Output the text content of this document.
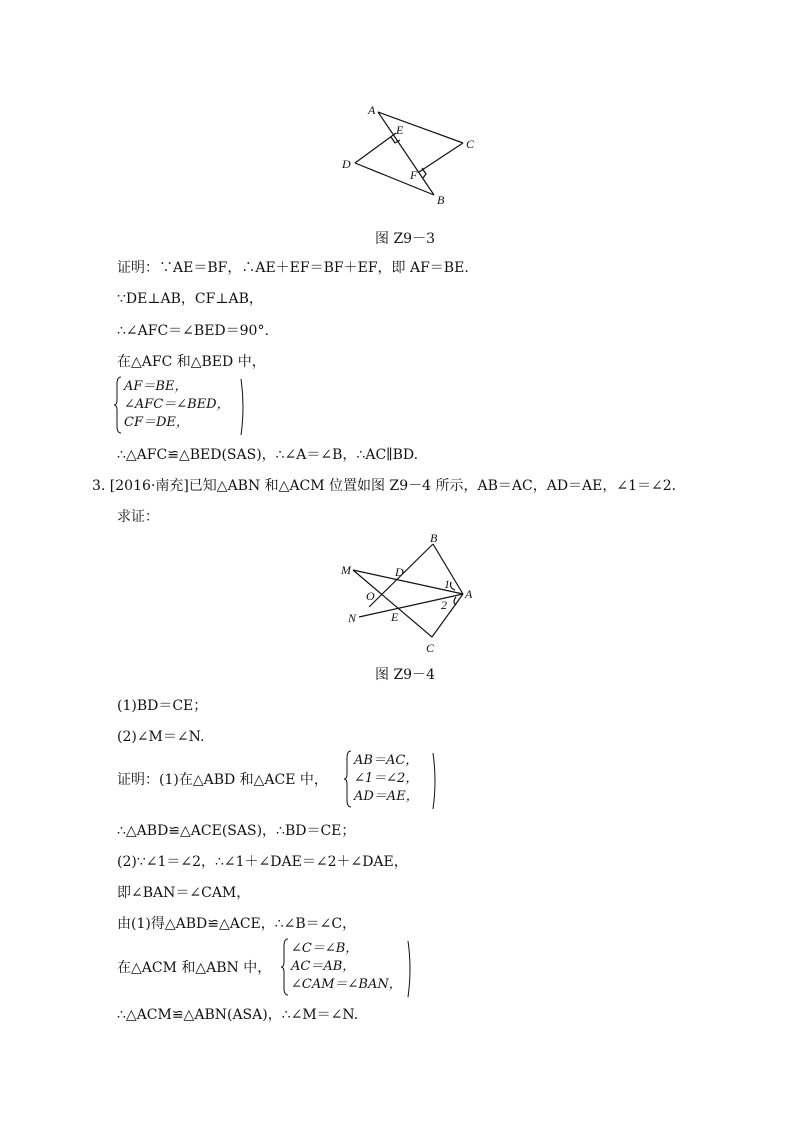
A
E
C
D
F
B
图 Z9－3
证明：∵AE＝BF，∴AE＋EF＝BF＋EF，即 AF＝BE.
∵DE⊥AB，CF⊥AB，
∴∠AFC＝∠BED＝90°.
在△AFC 和△BED 中，
AF＝BE，
∠AFC＝∠BED，
CF＝DE，
∴△AFC≌△BED(SAS)，∴∠A＝∠B，∴AC∥BD.
3. [2016·南充]已知△ABN 和△ACM 位置如图 Z9－4 所示，AB＝AC，AD＝AE，∠1＝∠2.
求证：
B
M	D
1
A
O
2
N	E
C
图 Z9－4
(1)BD＝CE；
(2)∠M＝∠N.
证明：(1)在△ABD 和△ACE 中，
AB＝AC，
∠1＝∠2，
AD＝AE，
∴△ABD≌△ACE(SAS)，∴BD＝CE；
(2)∵∠1＝∠2，∴∠1＋∠DAE＝∠2＋∠DAE，
即∠BAN＝∠CAM，
由(1)得△ABD≌△ACE，∴∠B＝∠C，
在△ACM 和△ABN 中，
∠C＝∠B，
AC＝AB，
∠CAM＝∠BAN，
∴△ACM≌△ABN(ASA)，∴∠M＝∠N.
